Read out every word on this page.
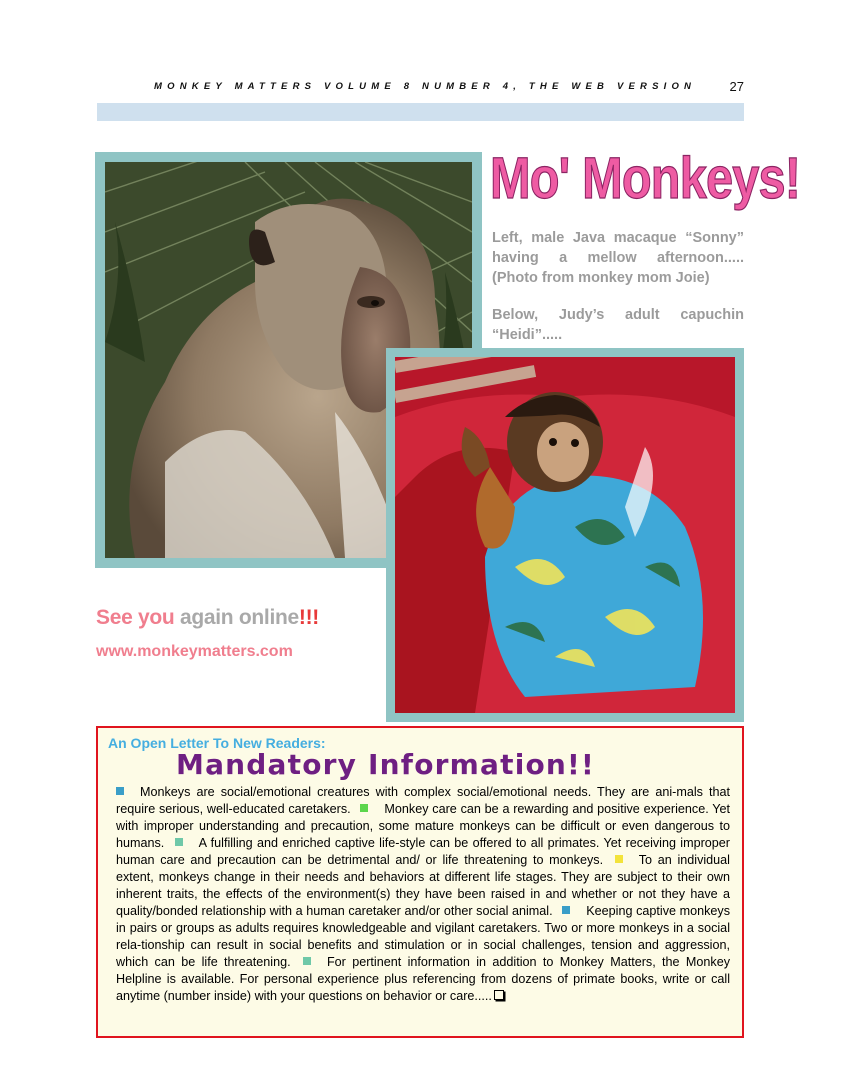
MONKEY MATTERS VOLUME 8 NUMBER 4, THE WEB VERSION	27
Mo' Monkeys!

Left, male Java macaque “Sonny” having a mellow afternoon..... (Photo from monkey mom Joie)

Below, Judy’s adult capuchin “Heidi”.....

See you again online!!!
www.monkeymatters.com
An Open Letter To New Readers:
Mandatory Information!!
Monkeys are social/emotional creatures with complex social/emotional needs. They are ani-mals that require serious, well-educated caretakers.	Monkey care can be a rewarding and positive experience. Yet with improper understanding and precaution, some mature monkeys can be difficult or even dangerous to humans.	A fulfilling and enriched captive life-style can be offered to all primates. Yet receiving improper human care and precaution can be detrimental and/ or life threatening to monkeys.	To an individual extent, monkeys change in their needs and behaviors at different life stages. They are subject to their own inherent traits, the effects of the environment(s) they have been raised in and whether or not they have a quality/bonded relationship with a human caretaker and/or other social animal.	Keeping captive monkeys in pairs or groups as adults requires knowledgeable and vigilant caretakers. Two or more monkeys in a social rela-tionship can result in social benefits and stimulation or in social challenges, tension and aggression, which can be life threatening.	For pertinent information in addition to Monkey Matters, the Monkey Helpline is available. For personal experience plus referencing from dozens of primate books, write or call anytime (number inside) with your questions on behavior or care.....
